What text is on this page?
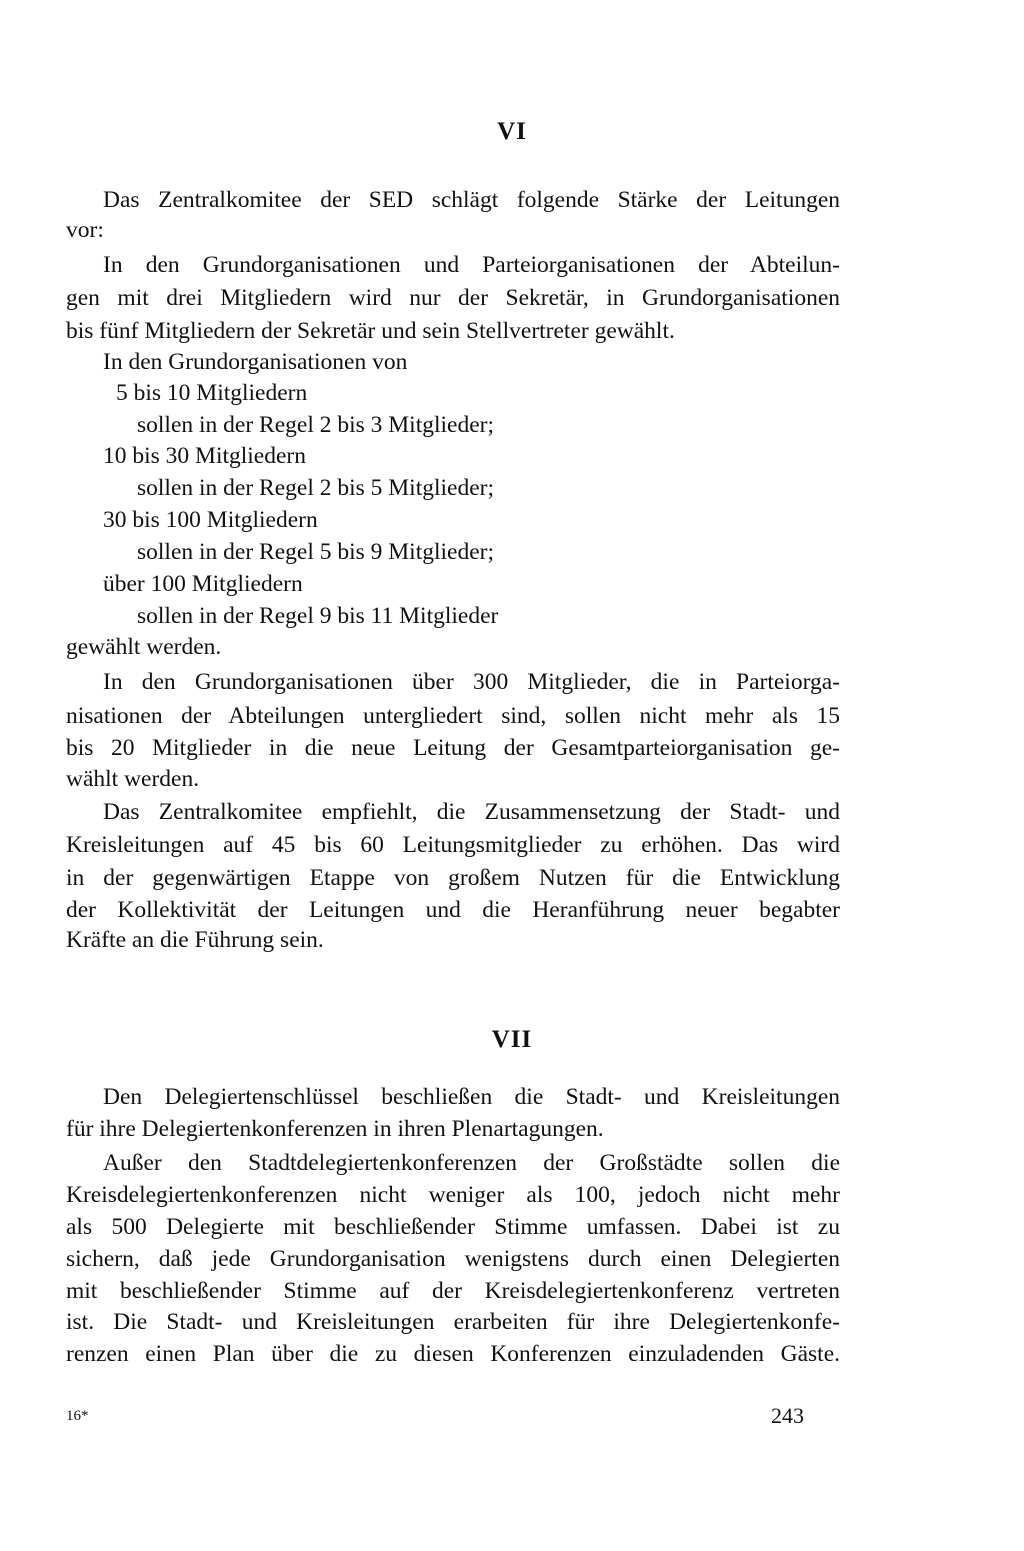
VI
Das Zentralkomitee der SED schlägt folgende Stärke der Leitungen
vor:
In den Grundorganisationen und Parteiorganisationen der Abteilun-
gen mit drei Mitgliedern wird nur der Sekretär, in Grundorganisationen
bis fünf Mitgliedern der Sekretär und sein Stellvertreter gewählt.
In den Grundorganisationen von
5 bis 10 Mitgliedern
sollen in der Regel 2 bis 3 Mitglieder;
10 bis 30 Mitgliedern
sollen in der Regel 2 bis 5 Mitglieder;
30 bis 100 Mitgliedern
sollen in der Regel 5 bis 9 Mitglieder;
über 100 Mitgliedern
sollen in der Regel 9 bis 11 Mitglieder
gewählt werden.
In den Grundorganisationen über 300 Mitglieder, die in Parteiorga-
nisationen der Abteilungen untergliedert sind, sollen nicht mehr als 15
bis 20 Mitglieder in die neue Leitung der Gesamtparteiorganisation ge-
wählt werden.
Das Zentralkomitee empfiehlt, die Zusammensetzung der Stadt- und
Kreisleitungen auf 45 bis 60 Leitungsmitglieder zu erhöhen. Das wird
in der gegenwärtigen Etappe von großem Nutzen für die Entwicklung
der Kollektivität der Leitungen und die Heranführung neuer begabter
Kräfte an die Führung sein.
VII
Den Delegiertenschlüssel beschließen die Stadt- und Kreisleitungen
für ihre Delegiertenkonferenzen in ihren Plenartagungen.
Außer den Stadtdelegiertenkonferenzen der Großstädte sollen die
Kreisdelegiertenkonferenzen nicht weniger als 100, jedoch nicht mehr
als 500 Delegierte mit beschließender Stimme umfassen. Dabei ist zu
sichern, daß jede Grundorganisation wenigstens durch einen Delegierten
mit beschließender Stimme auf der Kreisdelegiertenkonferenz vertreten
ist. Die Stadt- und Kreisleitungen erarbeiten für ihre Delegiertenkonfe-
renzen einen Plan über die zu diesen Konferenzen einzuladenden Gäste.
16*	243
